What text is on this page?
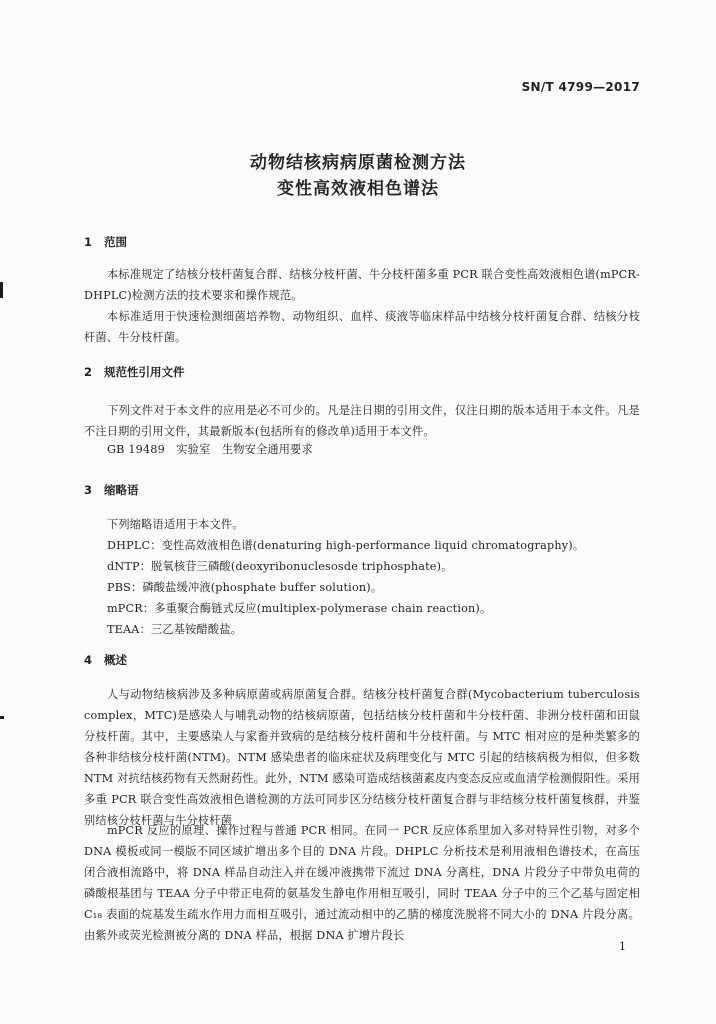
SN/T 4799—2017
动物结核病病原菌检测方法
变性高效液相色谱法
1 范围
本标准规定了结核分枝杆菌复合群、结核分枝杆菌、牛分枝杆菌多重 PCR 联合变性高效液相色谱(mPCR-DHPLC)检测方法的技术要求和操作规范。
本标准适用于快速检测细菌培养物、动物组织、血样、痰液等临床样品中结核分枝杆菌复合群、结核分枝杆菌、牛分枝杆菌。
2 规范性引用文件
下列文件对于本文件的应用是必不可少的。凡是注日期的引用文件，仅注日期的版本适用于本文件。凡是不注日期的引用文件，其最新版本(包括所有的修改单)适用于本文件。
GB 19489　实验室　生物安全通用要求
3 缩略语
下列缩略语适用于本文件。
DHPLC：变性高效液相色谱(denaturing high-performance liquid chromatography)。
dNTP：脱氧核苷三磷酸(deoxyribonuclesosde triphosphate)。
PBS：磷酸盐缓冲液(phosphate buffer solution)。
mPCR：多重聚合酶链式反应(multiplex-polymerase chain reaction)。
TEAA：三乙基铵醋酸盐。
4 概述
人与动物结核病涉及多种病原菌或病原菌复合群。结核分枝杆菌复合群(Mycobacterium tuberculosis complex，MTC)是感染人与哺乳动物的结核病原菌，包括结核分枝杆菌和牛分枝杆菌、非洲分枝杆菌和田鼠分枝杆菌。其中，主要感染人与家畜并致病的是结核分枝杆菌和牛分枝杆菌。与 MTC 相对应的是种类繁多的各种非结核分枝杆菌(NTM)。NTM 感染患者的临床症状及病理变化与 MTC 引起的结核病极为相似，但多数 NTM 对抗结核药物有天然耐药性。此外，NTM 感染可造成结核菌素皮内变态反应或血清学检测假阳性。采用多重 PCR 联合变性高效液相色谱检测的方法可同步区分结核分枝杆菌复合群与非结核分枝杆菌复核群，并鉴别结核分枝杆菌与牛分枝杆菌
mPCR 反应的原理、操作过程与普通 PCR 相同。在同一 PCR 反应体系里加入多对特异性引物，对多个 DNA 模板或同一模版不同区域扩增出多个目的 DNA 片段。DHPLC 分析技术是利用液相色谱技术，在高压闭合液相流路中，将 DNA 样品自动注入并在缓冲液携带下流过 DNA 分离柱，DNA 片段分子中带负电荷的磷酸根基团与 TEAA 分子中带正电荷的氨基发生静电作用相互吸引，同时 TEAA 分子中的三个乙基与固定相 C₁₈ 表面的烷基发生疏水作用力而相互吸引，通过流动相中的乙腈的梯度洗脱将不同大小的 DNA 片段分离。由紫外或荧光检测被分离的 DNA 样品，根据 DNA 扩增片段长
1
